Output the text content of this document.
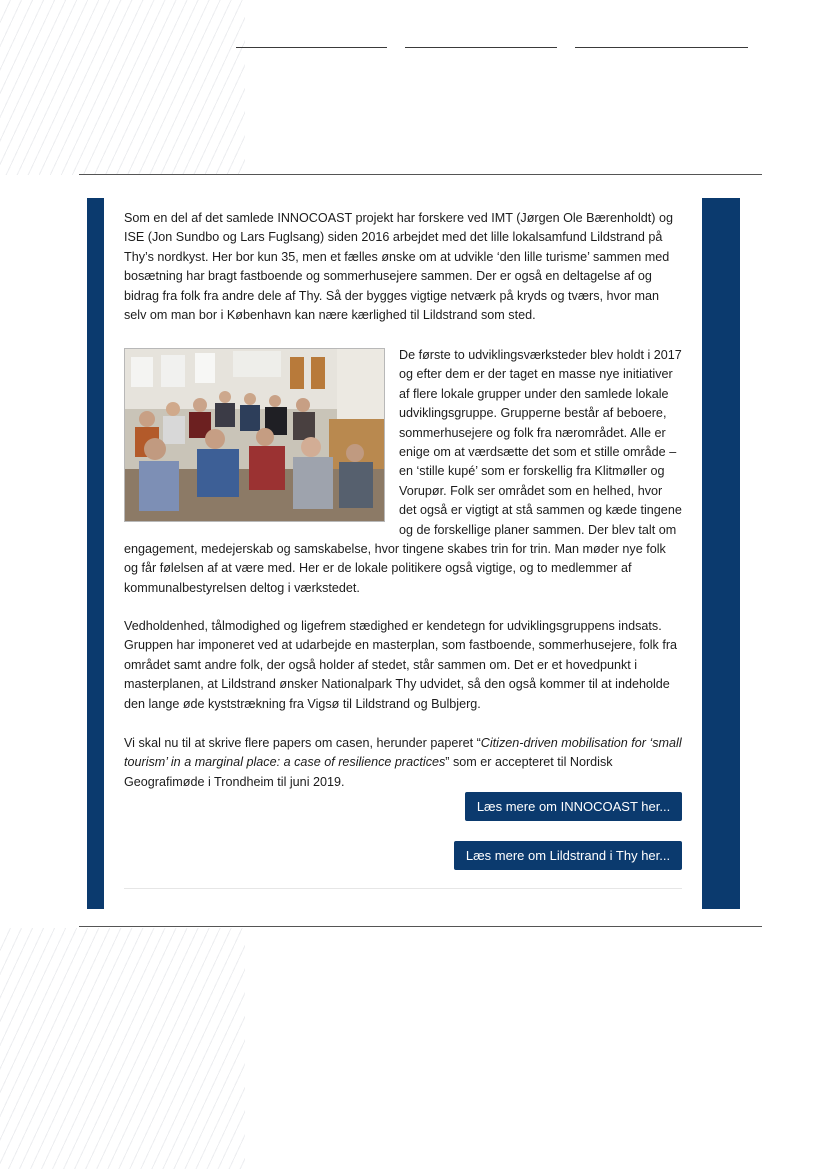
Som en del af det samlede INNOCOAST projekt har forskere ved IMT (Jørgen Ole Bærenholdt) og ISE (Jon Sundbo og Lars Fuglsang) siden 2016 arbejdet med det lille lokalsamfund Lildstrand på Thy’s nordkyst. Her bor kun 35, men et fælles ønske om at udvikle ‘den lille turisme’ sammen med bosætning har bragt fastboende og sommerhusejere sammen. Der er også en deltagelse af og bidrag fra folk fra andre dele af Thy. Så der bygges vigtige netværk på kryds og tværs, hvor man selv om man bor i København kan nære kærlighed til Lildstrand som sted.

De første to udviklingsværksteder blev holdt i 2017 og efter dem er der taget en masse nye initiativer af flere lokale grupper under den samlede lokale udviklingsgruppe. Grupperne består af beboere, sommerhusejere og folk fra nærområdet. Alle er enige om at værdsætte det som et stille område – en ‘stille kupé’ som er forskellig fra Klitmøller og Vorupør. Folk ser området som en helhed, hvor det også er vigtigt at stå sammen og kæde tingene og de forskellige planer sammen. Der blev talt om engagement, medejerskab og samskabelse, hvor tingene skabes trin for trin. Man møder nye folk og får følelsen af at være med. Her er de lokale politikere også vigtige, og to medlemmer af kommunalbestyrelsen deltog i værkstedet.

Vedholdenhed, tålmodighed og ligefrem stædighed er kendetegn for udviklingsgruppens indsats. Gruppen har imponeret ved at udarbejde en masterplan, som fastboende, sommerhusejere, folk fra området samt andre folk, der også holder af stedet, står sammen om. Det er et hovedpunkt i masterplanen, at Lildstrand ønsker Nationalpark Thy udvidet, så den også kommer til at indeholde den lange øde kyststrækning fra Vigsø til Lildstrand og Bulbjerg.

Vi skal nu til at skrive flere papers om casen, herunder paperet “Citizen-driven mobilisation for ‘small tourism’ in a marginal place: a case of resilience practices” som er accepteret til Nordisk Geografimøde i Trondheim til juni 2019.

Læs mere om INNOCOAST her...
Læs mere om Lildstrand i Thy her...
